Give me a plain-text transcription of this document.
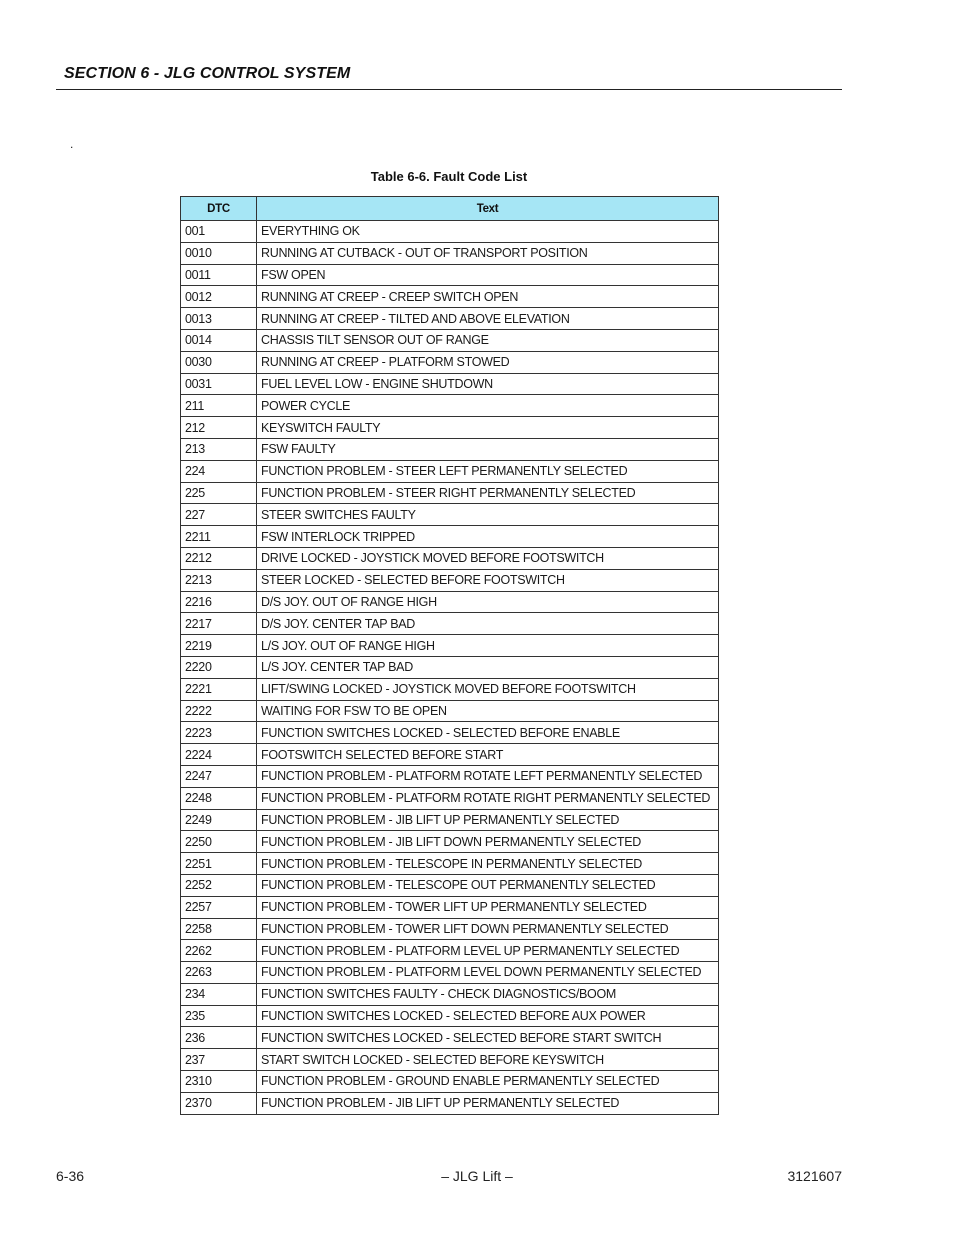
SECTION 6 - JLG CONTROL SYSTEM
.
Table 6-6. Fault Code List
DTC	Text
001	EVERYTHING OK
0010	RUNNING AT CUTBACK - OUT OF TRANSPORT POSITION
0011	FSW OPEN
0012	RUNNING AT CREEP - CREEP SWITCH OPEN
0013	RUNNING AT CREEP - TILTED AND ABOVE ELEVATION
0014	CHASSIS TILT SENSOR OUT OF RANGE
0030	RUNNING AT CREEP - PLATFORM STOWED
0031	FUEL LEVEL LOW - ENGINE SHUTDOWN
211	POWER CYCLE
212	KEYSWITCH FAULTY
213	FSW FAULTY
224	FUNCTION PROBLEM - STEER LEFT PERMANENTLY SELECTED
225	FUNCTION PROBLEM - STEER RIGHT PERMANENTLY SELECTED
227	STEER SWITCHES FAULTY
2211	FSW INTERLOCK TRIPPED
2212	DRIVE LOCKED - JOYSTICK MOVED BEFORE FOOTSWITCH
2213	STEER LOCKED - SELECTED BEFORE FOOTSWITCH
2216	D/S JOY. OUT OF RANGE HIGH
2217	D/S JOY. CENTER TAP BAD
2219	L/S JOY. OUT OF RANGE HIGH
2220	L/S JOY. CENTER TAP BAD
2221	LIFT/SWING LOCKED - JOYSTICK MOVED BEFORE FOOTSWITCH
2222	WAITING FOR FSW TO BE OPEN
2223	FUNCTION SWITCHES LOCKED - SELECTED BEFORE ENABLE
2224	FOOTSWITCH SELECTED BEFORE START
2247	FUNCTION PROBLEM - PLATFORM ROTATE LEFT PERMANENTLY SELECTED
2248	FUNCTION PROBLEM - PLATFORM ROTATE RIGHT PERMANENTLY SELECTED
2249	FUNCTION PROBLEM - JIB LIFT UP PERMANENTLY SELECTED
2250	FUNCTION PROBLEM - JIB LIFT DOWN PERMANENTLY SELECTED
2251	FUNCTION PROBLEM - TELESCOPE IN PERMANENTLY SELECTED
2252	FUNCTION PROBLEM - TELESCOPE OUT PERMANENTLY SELECTED
2257	FUNCTION PROBLEM - TOWER LIFT UP PERMANENTLY SELECTED
2258	FUNCTION PROBLEM - TOWER LIFT DOWN PERMANENTLY SELECTED
2262	FUNCTION PROBLEM - PLATFORM LEVEL UP PERMANENTLY SELECTED
2263	FUNCTION PROBLEM - PLATFORM LEVEL DOWN PERMANENTLY SELECTED
234	FUNCTION SWITCHES FAULTY - CHECK DIAGNOSTICS/BOOM
235	FUNCTION SWITCHES LOCKED - SELECTED BEFORE AUX POWER
236	FUNCTION SWITCHES LOCKED - SELECTED BEFORE START SWITCH
237	START SWITCH LOCKED - SELECTED BEFORE KEYSWITCH
2310	FUNCTION PROBLEM - GROUND ENABLE PERMANENTLY SELECTED
2370	FUNCTION PROBLEM - JIB LIFT UP PERMANENTLY SELECTED
6-36	– JLG Lift –	3121607
